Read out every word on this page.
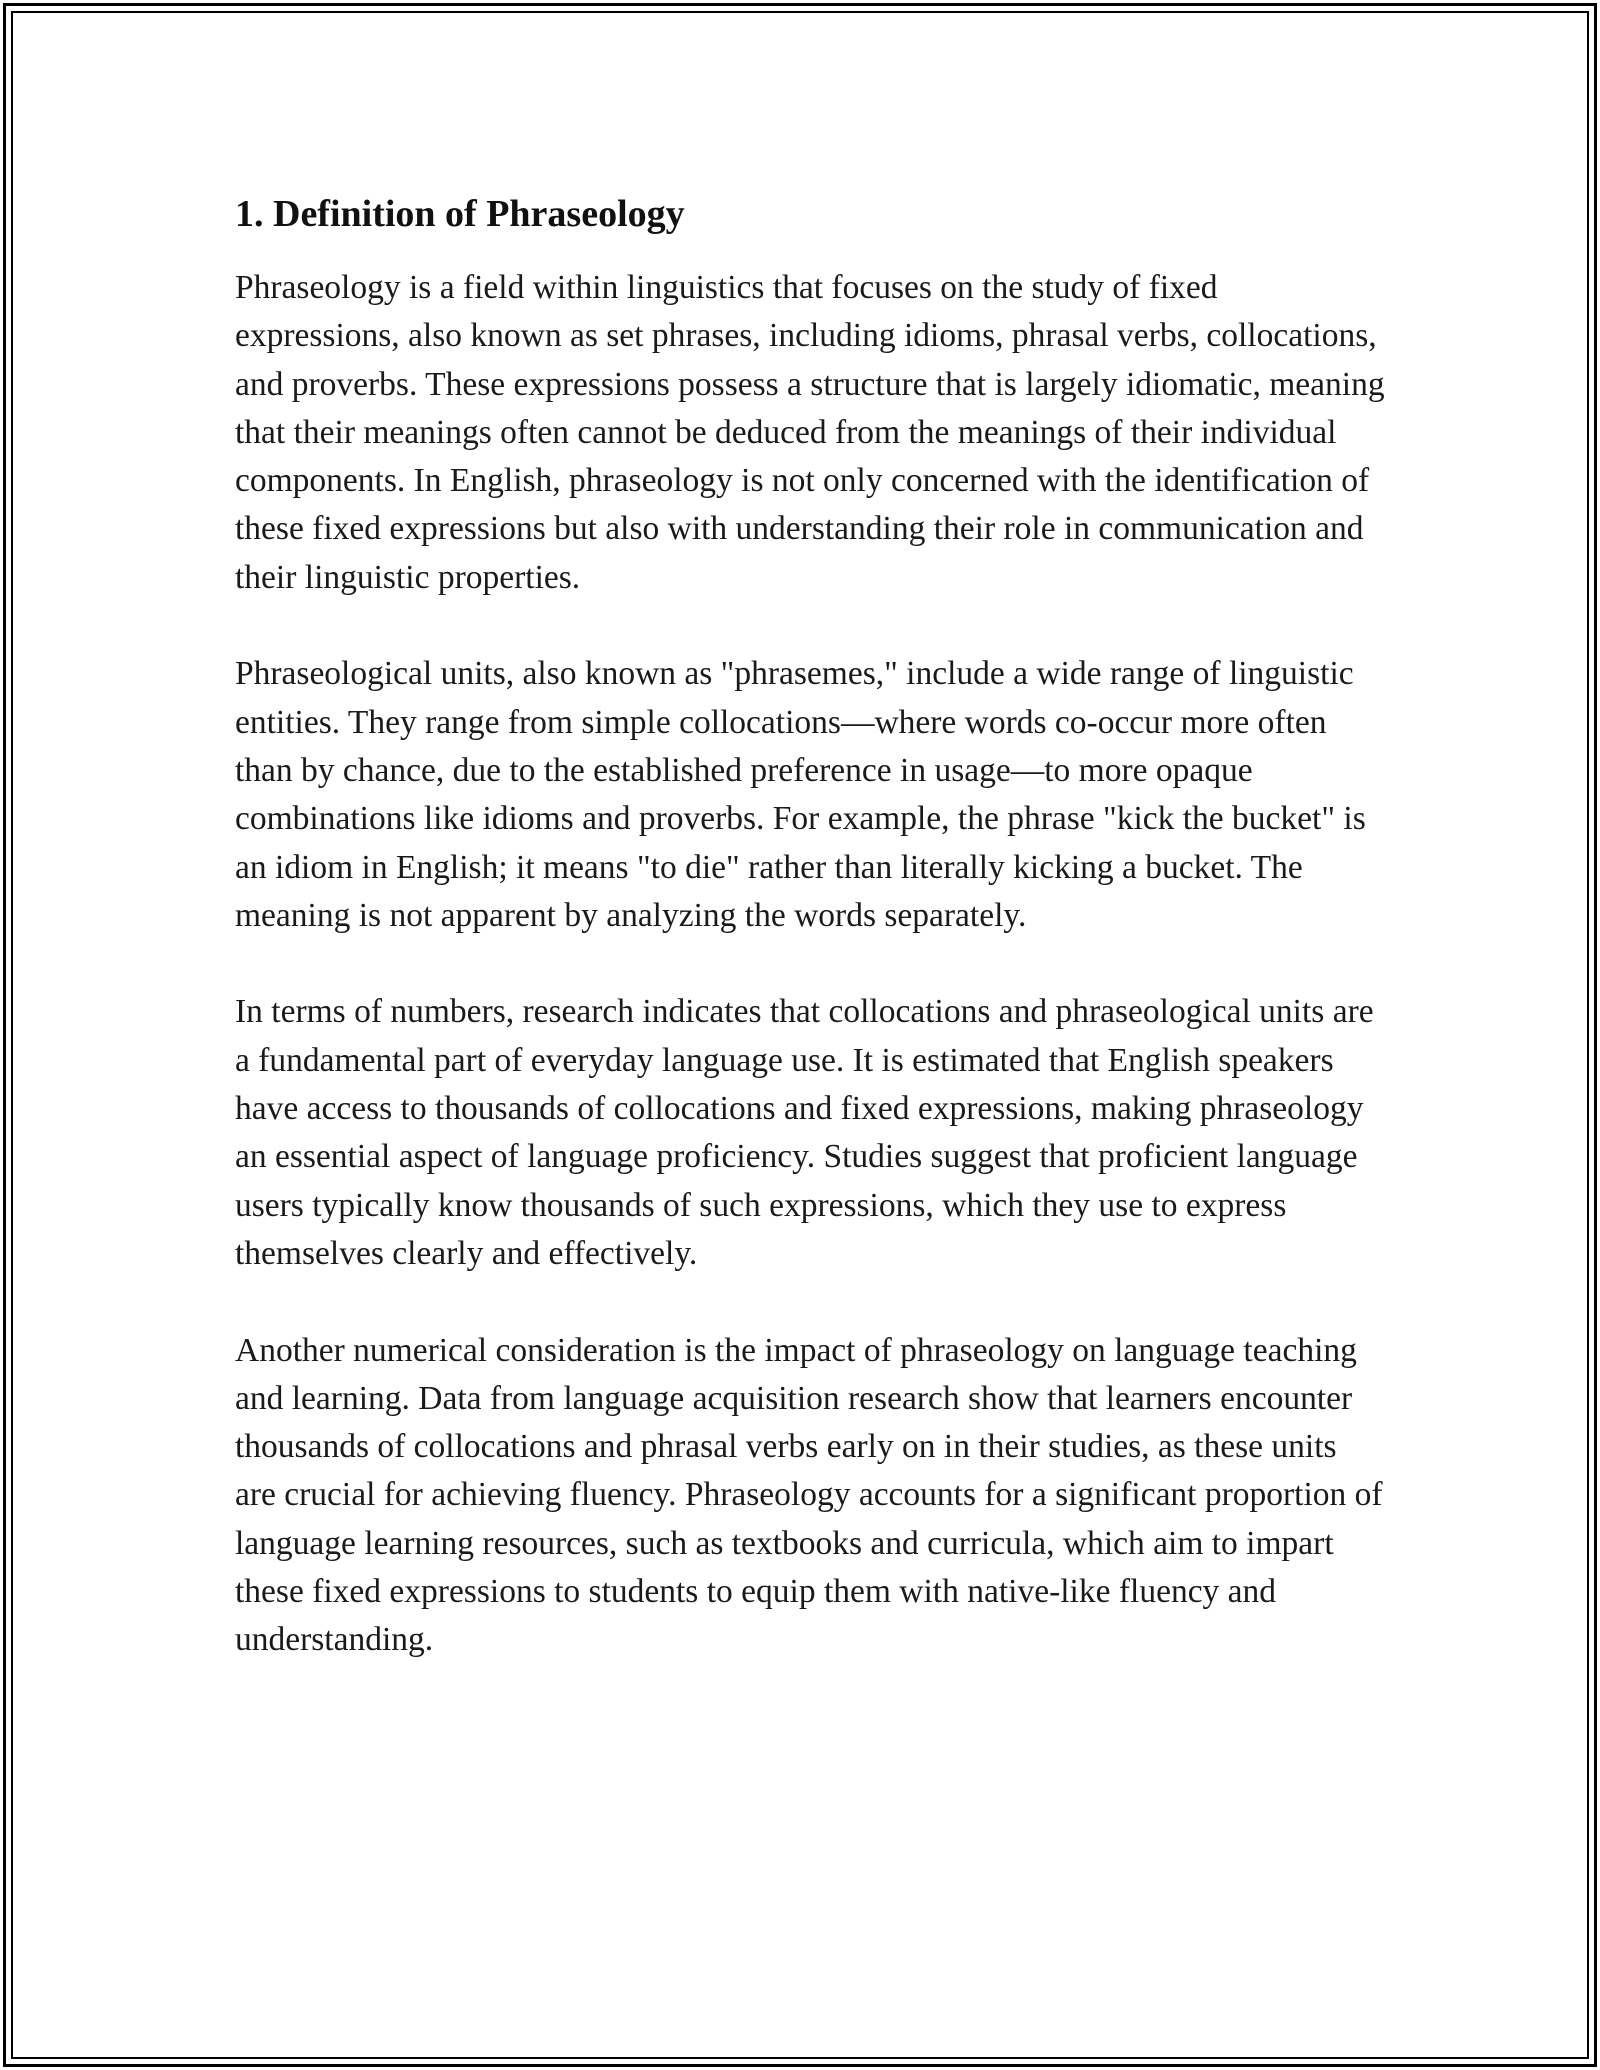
1. Definition of Phraseology

Phraseology is a field within linguistics that focuses on the study of fixed expressions, also known as set phrases, including idioms, phrasal verbs, collocations, and proverbs. These expressions possess a structure that is largely idiomatic, meaning that their meanings often cannot be deduced from the meanings of their individual components. In English, phraseology is not only concerned with the identification of these fixed expressions but also with understanding their role in communication and their linguistic properties.

Phraseological units, also known as "phrasemes," include a wide range of linguistic entities. They range from simple collocations—where words co-occur more often than by chance, due to the established preference in usage—to more opaque combinations like idioms and proverbs. For example, the phrase "kick the bucket" is an idiom in English; it means "to die" rather than literally kicking a bucket. The meaning is not apparent by analyzing the words separately.

In terms of numbers, research indicates that collocations and phraseological units are a fundamental part of everyday language use. It is estimated that English speakers have access to thousands of collocations and fixed expressions, making phraseology an essential aspect of language proficiency. Studies suggest that proficient language users typically know thousands of such expressions, which they use to express themselves clearly and effectively.

Another numerical consideration is the impact of phraseology on language teaching and learning. Data from language acquisition research show that learners encounter thousands of collocations and phrasal verbs early on in their studies, as these units are crucial for achieving fluency. Phraseology accounts for a significant proportion of language learning resources, such as textbooks and curricula, which aim to impart these fixed expressions to students to equip them with native-like fluency and understanding.
